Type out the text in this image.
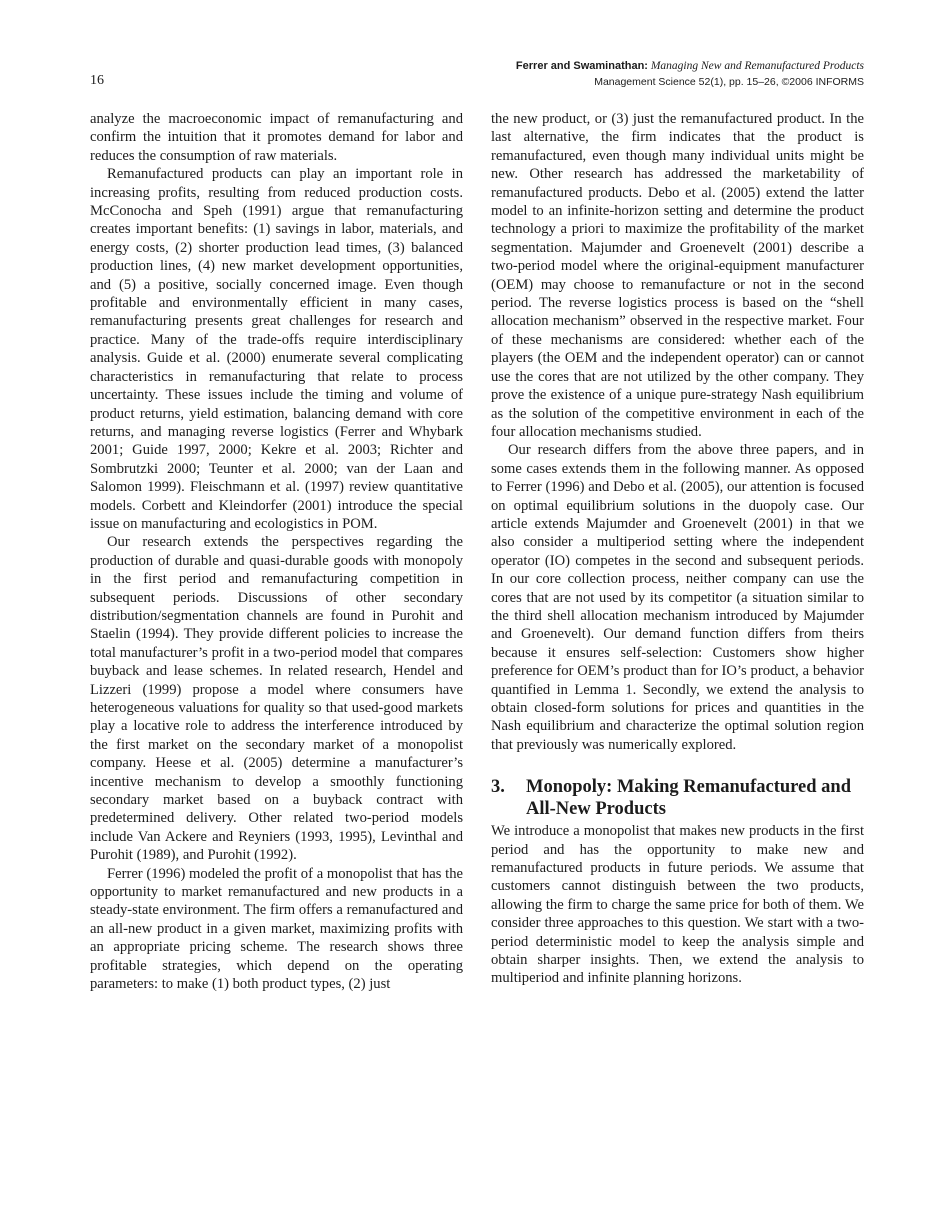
16
Ferrer and Swaminathan: Managing New and Remanufactured Products
Management Science 52(1), pp. 15–26, ©2006 INFORMS

analyze the macroeconomic impact of remanufacturing and confirm the intuition that it promotes demand for labor and reduces the consumption of raw materials.

Remanufactured products can play an important role in increasing profits, resulting from reduced production costs. McConocha and Speh (1991) argue that remanufacturing creates important benefits: (1) savings in labor, materials, and energy costs, (2) shorter production lead times, (3) balanced production lines, (4) new market development opportunities, and (5) a positive, socially concerned image. Even though profitable and environmentally efficient in many cases, remanufacturing presents great challenges for research and practice. Many of the trade-offs require interdisciplinary analysis. Guide et al. (2000) enumerate several complicating characteristics in remanufacturing that relate to process uncertainty. These issues include the timing and volume of product returns, yield estimation, balancing demand with core returns, and managing reverse logistics (Ferrer and Whybark 2001; Guide 1997, 2000; Kekre et al. 2003; Richter and Sombrutzki 2000; Teunter et al. 2000; van der Laan and Salomon 1999). Fleischmann et al. (1997) review quantitative models. Corbett and Kleindorfer (2001) introduce the special issue on manufacturing and ecologistics in POM.

Our research extends the perspectives regarding the production of durable and quasi-durable goods with monopoly in the first period and remanufacturing competition in subsequent periods. Discussions of other secondary distribution/segmentation channels are found in Purohit and Staelin (1994). They provide different policies to increase the total manufacturer’s profit in a two-period model that compares buyback and lease schemes. In related research, Hendel and Lizzeri (1999) propose a model where consumers have heterogeneous valuations for quality so that used-good markets play a locative role to address the interference introduced by the first market on the secondary market of a monopolist company. Heese et al. (2005) determine a manufacturer’s incentive mechanism to develop a smoothly functioning secondary market based on a buyback contract with predetermined delivery. Other related two-period models include Van Ackere and Reyniers (1993, 1995), Levinthal and Purohit (1989), and Purohit (1992).

Ferrer (1996) modeled the profit of a monopolist that has the opportunity to market remanufactured and new products in a steady-state environment. The firm offers a remanufactured and an all-new product in a given market, maximizing profits with an appropriate pricing scheme. The research shows three profitable strategies, which depend on the operating parameters: to make (1) both product types, (2) just

the new product, or (3) just the remanufactured product. In the last alternative, the firm indicates that the product is remanufactured, even though many individual units might be new. Other research has addressed the marketability of remanufactured products. Debo et al. (2005) extend the latter model to an infinite-horizon setting and determine the product technology a priori to maximize the profitability of the market segmentation. Majumder and Groenevelt (2001) describe a two-period model where the original-equipment manufacturer (OEM) may choose to remanufacture or not in the second period. The reverse logistics process is based on the “shell allocation mechanism” observed in the respective market. Four of these mechanisms are considered: whether each of the players (the OEM and the independent operator) can or cannot use the cores that are not utilized by the other company. They prove the existence of a unique pure-strategy Nash equilibrium as the solution of the competitive environment in each of the four allocation mechanisms studied.

Our research differs from the above three papers, and in some cases extends them in the following manner. As opposed to Ferrer (1996) and Debo et al. (2005), our attention is focused on optimal equilibrium solutions in the duopoly case. Our article extends Majumder and Groenevelt (2001) in that we also consider a multiperiod setting where the independent operator (IO) competes in the second and subsequent periods. In our core collection process, neither company can use the cores that are not used by its competitor (a situation similar to the third shell allocation mechanism introduced by Majumder and Groenevelt). Our demand function differs from theirs because it ensures self-selection: Customers show higher preference for OEM’s product than for IO’s product, a behavior quantified in Lemma 1. Secondly, we extend the analysis to obtain closed-form solutions for prices and quantities in the Nash equilibrium and characterize the optimal solution region that previously was numerically explored.

3. Monopoly: Making Remanufactured and All-New Products

We introduce a monopolist that makes new products in the first period and has the opportunity to make new and remanufactured products in future periods. We assume that customers cannot distinguish between the two products, allowing the firm to charge the same price for both of them. We consider three approaches to this question. We start with a two-period deterministic model to keep the analysis simple and obtain sharper insights. Then, we extend the analysis to multiperiod and infinite planning horizons.
